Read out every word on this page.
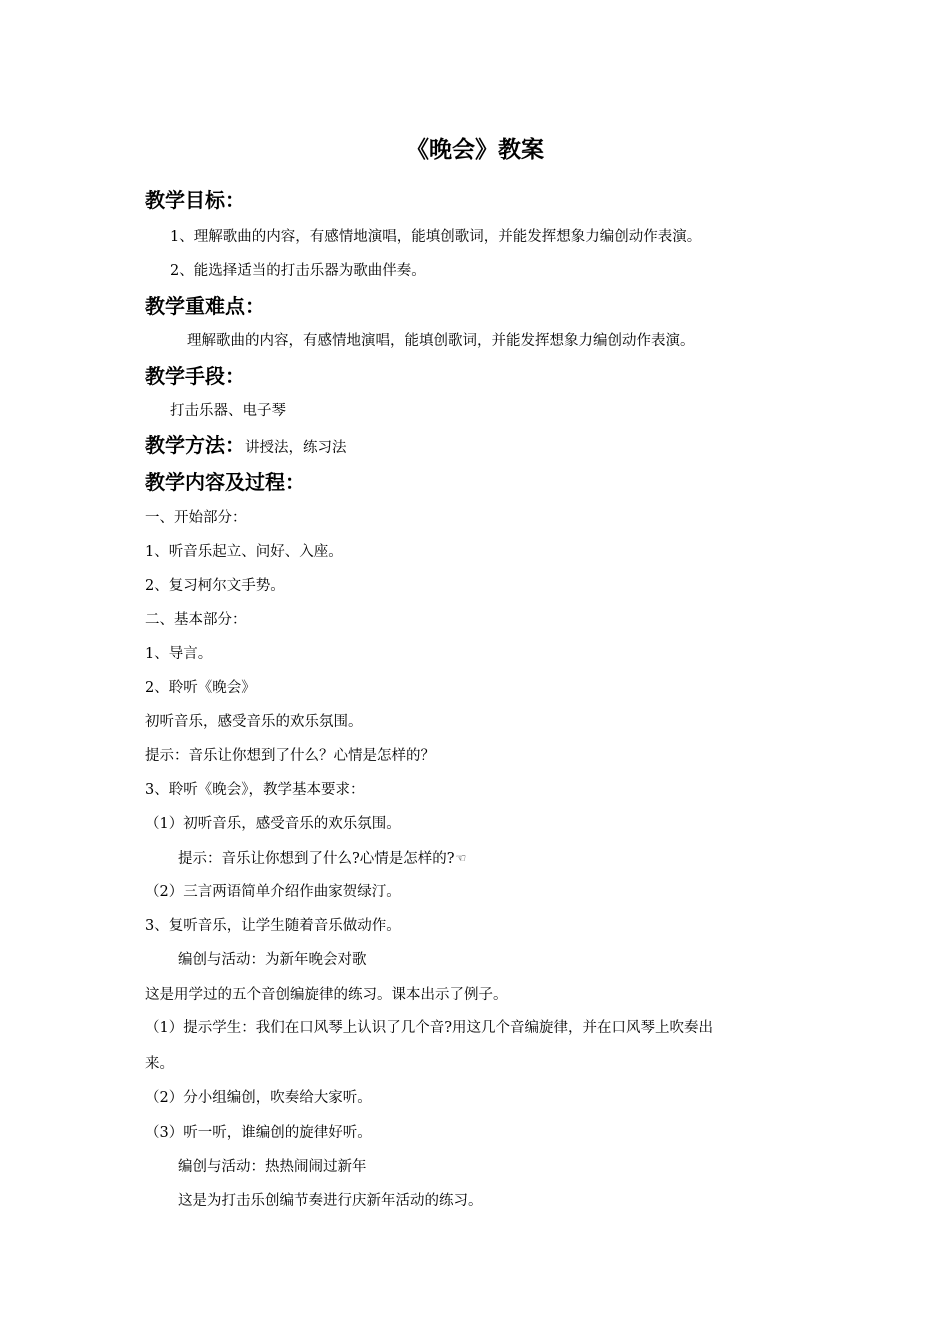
《晚会》教案
教学目标：
1、理解歌曲的内容，有感情地演唱，能填创歌词，并能发挥想象力编创动作表演。
2、能选择适当的打击乐器为歌曲伴奏。
教学重难点：
理解歌曲的内容，有感情地演唱，能填创歌词，并能发挥想象力编创动作表演。
教学手段：
打击乐器、电子琴
教学方法：讲授法，练习法
教学内容及过程：
一、开始部分：
1、听音乐起立、问好、入座。
2、复习柯尔文手势。
二、基本部分：
1、导言。
2、聆听《晚会》
初听音乐，感受音乐的欢乐氛围。
提示：音乐让你想到了什么？心情是怎样的？
3、聆听《晚会》，教学基本要求：
（1）初听音乐，感受音乐的欢乐氛围。
提示：音乐让你想到了什么?心情是怎样的?☜
（2）三言两语简单介绍作曲家贺绿汀。
3、复听音乐，让学生随着音乐做动作。
编创与活动：为新年晚会对歌
这是用学过的五个音创编旋律的练习。课本出示了例子。
（1）提示学生：我们在口风琴上认识了几个音?用这几个音编旋律，并在口风琴上吹奏出
来。
（2）分小组编创，吹奏给大家听。
（3）听一听，谁编创的旋律好听。
编创与活动：热热闹闹过新年
这是为打击乐创编节奏进行庆新年活动的练习。
